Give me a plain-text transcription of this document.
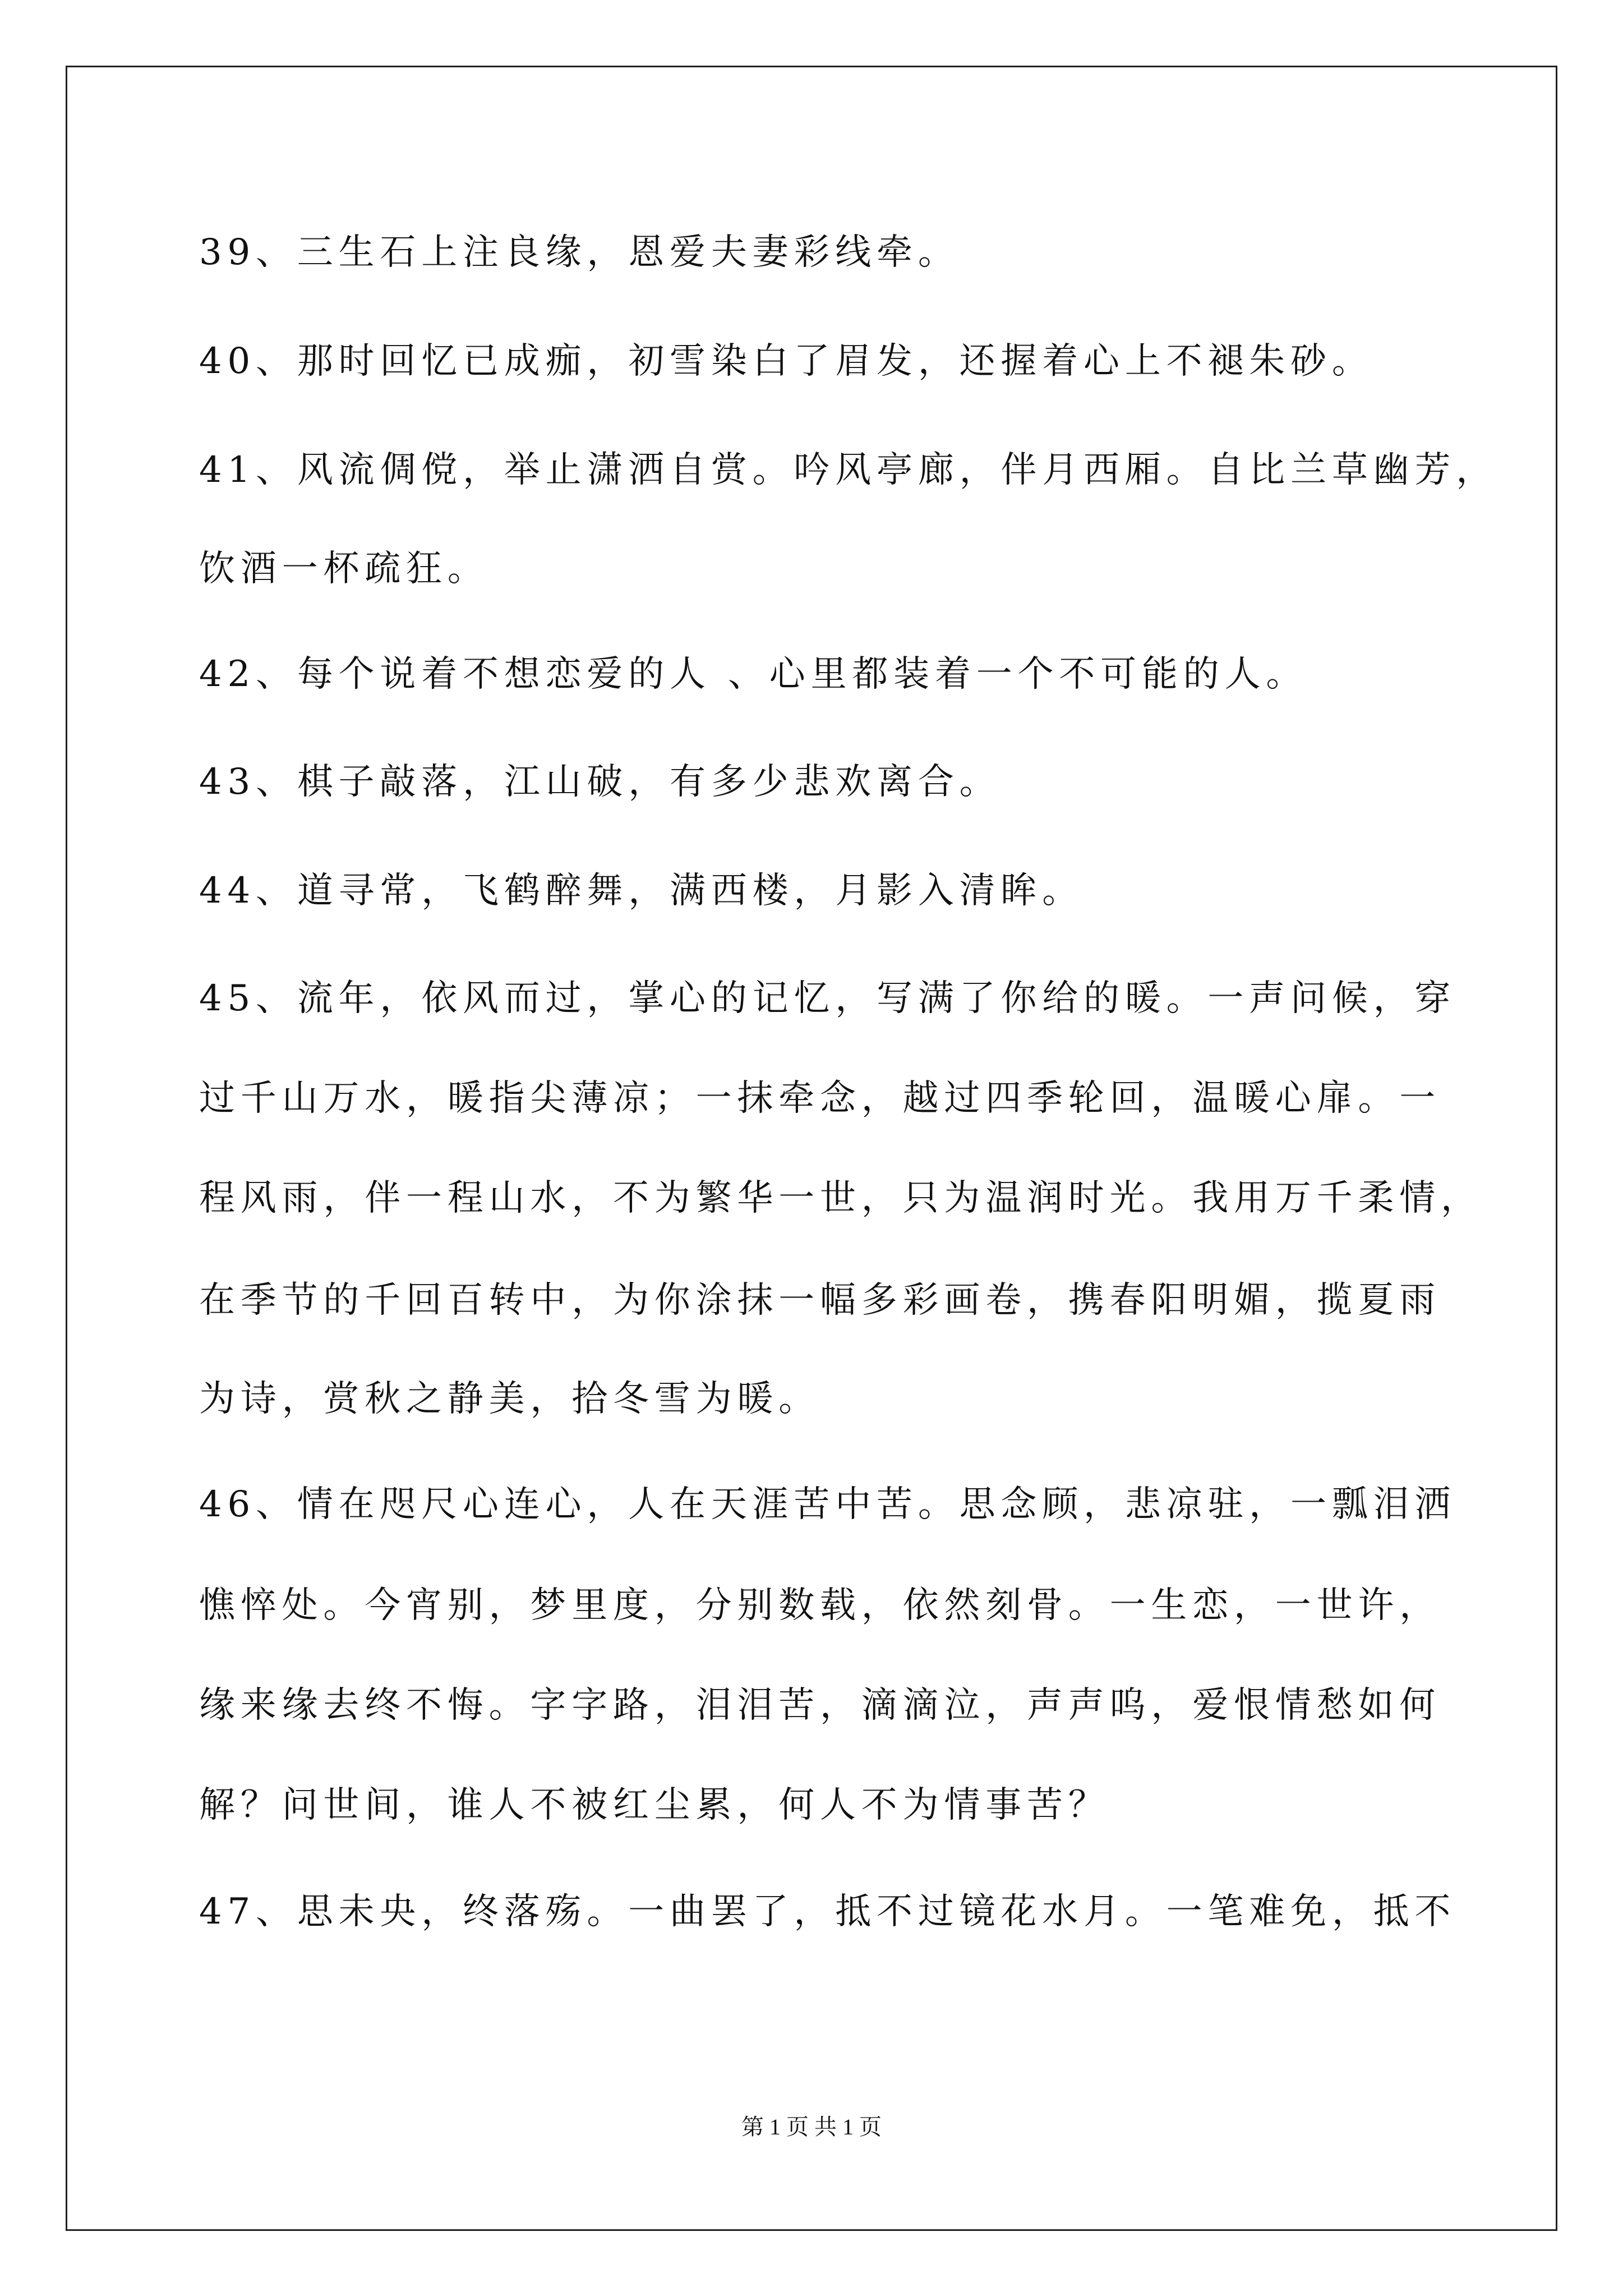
39、三生石上注良缘，恩爱夫妻彩线牵。
40、那时回忆已成痂，初雪染白了眉发，还握着心上不褪朱砂。
41、风流倜傥，举止潇洒自赏。吟风亭廊，伴月西厢。自比兰草幽芳，
饮酒一杯疏狂。
42、每个说着不想恋爱的人 、心里都装着一个不可能的人。
43、棋子敲落，江山破，有多少悲欢离合。
44、道寻常，飞鹤醉舞，满西楼，月影入清眸。
45、流年，依风而过，掌心的记忆，写满了你给的暖。一声问候，穿
过千山万水，暖指尖薄凉；一抹牵念，越过四季轮回，温暖心扉。一
程风雨，伴一程山水，不为繁华一世，只为温润时光。我用万千柔情，
在季节的千回百转中，为你涂抹一幅多彩画卷，携春阳明媚，揽夏雨
为诗，赏秋之静美，拾冬雪为暖。
46、情在咫尺心连心，人在天涯苦中苦。思念顾，悲凉驻，一瓢泪洒
憔悴处。今宵别，梦里度，分别数载，依然刻骨。一生恋，一世许，
缘来缘去终不悔。字字路，泪泪苦，滴滴泣，声声呜，爱恨情愁如何
解？问世间，谁人不被红尘累，何人不为情事苦？
47、思未央，终落殇。一曲罢了，抵不过镜花水月。一笔难免，抵不
第 1 页 共 1 页
